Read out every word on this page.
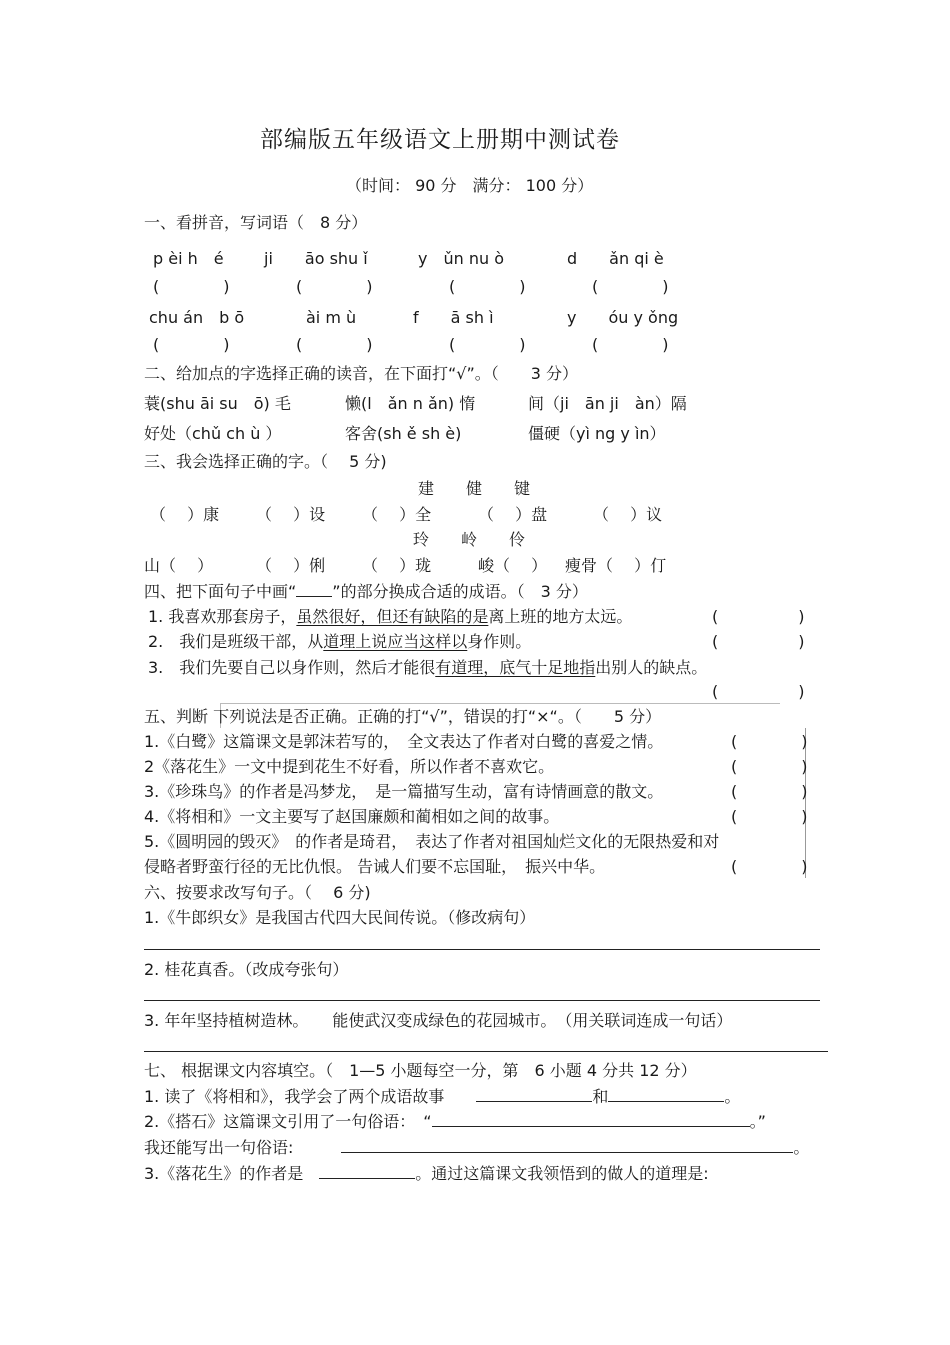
部编版五年级语文上册期中测试卷
（时间： 90 分　满分： 100 分）
一、看拼音，写词语（　8 分）
p èi h　é	ji　　āo shu ǐ	y　ǔn nu ò	d　　ǎn qi è
(　　　　)	(　　　　)	(　　　　)	(　　　　)
chu án　b ō	ài m ù	f　　ā sh ì	y　　óu y ǒng
(　　　　)	(　　　　)	(　　　　)	(　　　　)
二、给加点的字选择正确的读音，在下面打“√”。（　　3 分）
蓑(shu āi su　ō) 毛	懒(l　ǎn n ǎn) 惰	间（ji　ān ji　àn）隔
好处（chǔ ch ù ）	客舍(sh ě sh è)	僵硬（yì ng y ìn）
三、我会选择正确的字。（　 5 分)
建　　健　　键
（　 ）康 （　 ）设 （　 ）全	（　 ）盘	（　 ）议
玲　　岭　　伶
山（　 ）	（　 ）俐 （　 ）珑	峻（　 ） 瘦骨（　 ）仃
四、把下面句子中画“ ”的部分换成合适的成语。（　3 分）
1. 我喜欢那套房子，虽然很好，但还有缺陷的是离上班的地方太远。	(　　　　　)
2.　我们是班级干部，从道理上说应当这样以身作则。	(　　　　　)
3.　我们先要自己以身作则，然后才能很有道理，底气十足地指出别人的缺点。
(　　　　　)
五、判断 下列说法是否正确。正确的打“√”，错误的打“×“。（　　5 分）
1.《白鹭》这篇课文是郭沫若写的，　全文表达了作者对白鹭的喜爱之情。	(　　　　)
2《落花生》一文中提到花生不好看，所以作者不喜欢它。	(　　　　)
3.《珍珠鸟》的作者是冯梦龙，　是一篇描写生动，富有诗情画意的散文。	(　　　　)
4.《将相和》一文主要写了赵国廉颇和蔺相如之间的故事。	(　　　　)
5.《圆明园的毁灭》　的作者是琦君，　表达了作者对祖国灿烂文化的无限热爱和对
侵略者野蛮行径的无比仇恨。 告诫人们要不忘国耻，　振兴中华。	(　　　　)
六、按要求改写句子。（　 6 分)
1.《牛郎织女》是我国古代四大民间传说。（修改病句）
2. 桂花真香。（改成夸张句）
3. 年年坚持植树造林。　　能使武汉变成绿色的花园城市。　（用关联词连成一句话）
七、 根据课文内容填空。（　1—5 小题每空一分，第　6 小题 4 分共 12 分）
1. 读了《将相和》，我学会了两个成语故事　　	和	。
2.《搭石》这篇课文引用了一句俗语：　“	。”
我还能写出一句俗语:　　　	。
3.《落花生》的作者是　	。通过这篇课文我领悟到的做人的道理是:
